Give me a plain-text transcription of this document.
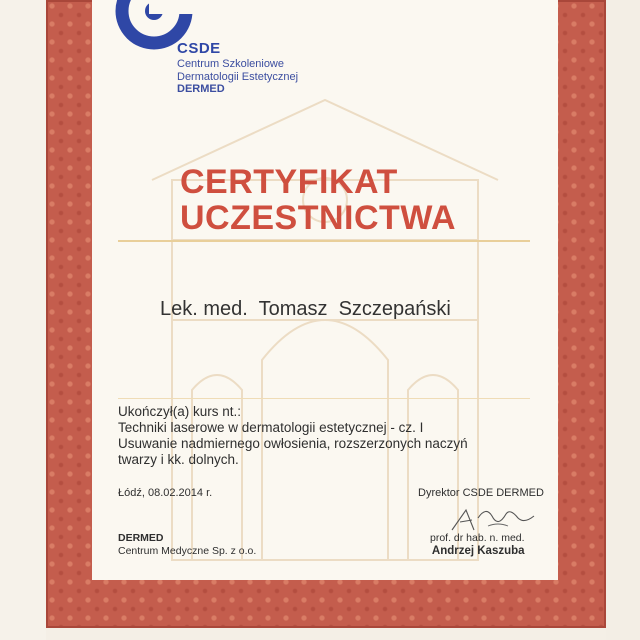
CSDE
Centrum Szkoleniowe
Dermatologii Estetycznej
DERMED
CERTYFIKAT
UCZESTNICTWA
Lek. med.  Tomasz  Szczepański
Ukończył(a) kurs nt.:
Techniki laserowe w dermatologii estetycznej - cz. I
Usuwanie nadmiernego owłosienia, rozszerzonych naczyń
twarzy i kk. dolnych.
Łódź, 08.02.2014 r.	Dyrektor CSDE DERMED
DERMED
Centrum Medyczne Sp. z o.o.
prof. dr hab. n. med.
Andrzej Kaszuba
